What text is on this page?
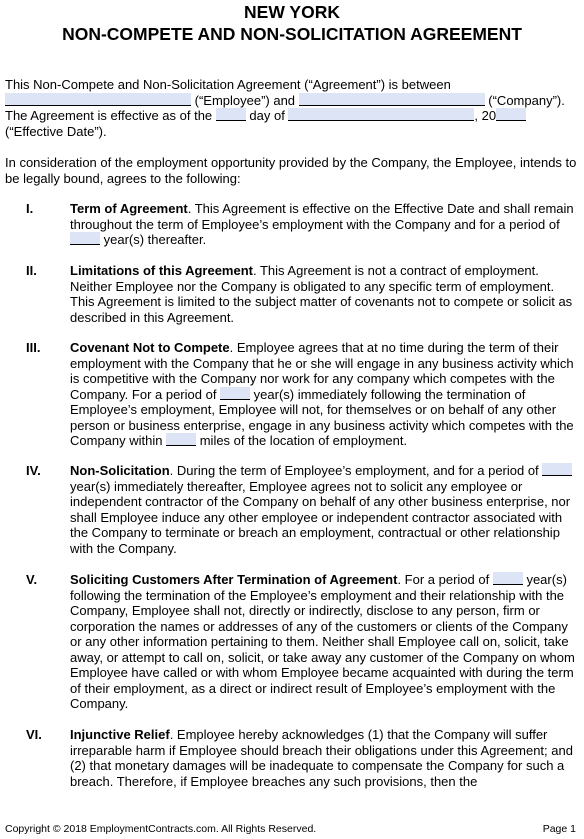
NEW YORK
NON-COMPETE AND NON-SOLICITATION AGREEMENT
This Non-Compete and Non-Solicitation Agreement (“Agreement”) is between
(“Employee”) and	(“Company”).
The Agreement is effective as of the  day of	, 20
(“Effective Date”).
In consideration of the employment opportunity provided by the Company, the Employee, intends to be legally bound, agrees to the following:
I.	Term of Agreement. This Agreement is effective on the Effective Date and shall remain throughout the term of Employee’s employment with the Company and for a period of  year(s) thereafter.
II.	Limitations of this Agreement. This Agreement is not a contract of employment. Neither Employee nor the Company is obligated to any specific term of employment. This Agreement is limited to the subject matter of covenants not to compete or solicit as described in this Agreement.
III. Covenant Not to Compete. Employee agrees that at no time during the term of their employment with the Company that he or she will engage in any business activity which is competitive with the Company nor work for any company which competes with the Company. For a period of  year(s) immediately following the termination of Employee’s employment, Employee will not, for themselves or on behalf of any other person or business enterprise, engage in any business activity which competes with the Company within  miles of the location of employment.
IV. Non-Solicitation. During the term of Employee’s employment, and for a period of  year(s) immediately thereafter, Employee agrees not to solicit any employee or independent contractor of the Company on behalf of any other business enterprise, nor shall Employee induce any other employee or independent contractor associated with the Company to terminate or breach an employment, contractual or other relationship with the Company.
V.	Soliciting Customers After Termination of Agreement. For a period of  year(s) following the termination of the Employee’s employment and their relationship with the Company, Employee shall not, directly or indirectly, disclose to any person, firm or corporation the names or addresses of any of the customers or clients of the Company or any other information pertaining to them. Neither shall Employee call on, solicit, take away, or attempt to call on, solicit, or take away any customer of the Company on whom Employee have called or with whom Employee became acquainted with during the term of their employment, as a direct or indirect result of Employee’s employment with the Company.
VI. Injunctive Relief. Employee hereby acknowledges (1) that the Company will suffer irreparable harm if Employee should breach their obligations under this Agreement; and (2) that monetary damages will be inadequate to compensate the Company for such a breach. Therefore, if Employee breaches any such provisions, then the
Copyright © 2018 EmploymentContracts.com. All Rights Reserved.	Page 1
